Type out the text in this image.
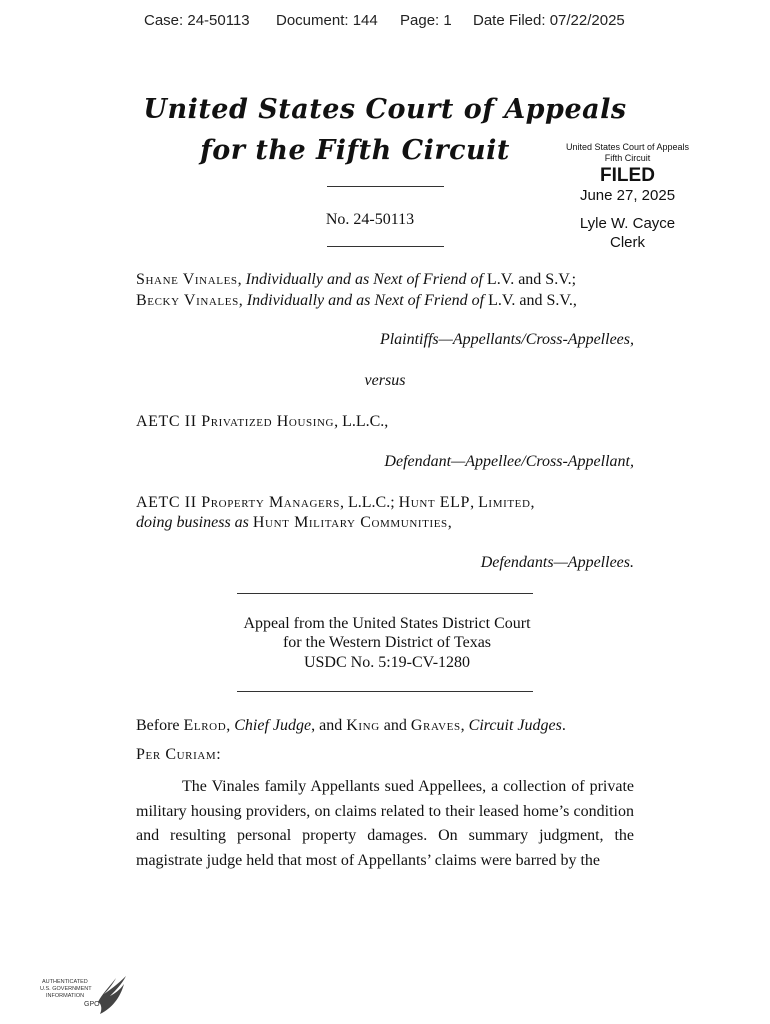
Case: 24-50113 Document: 144 Page: 1 Date Filed: 07/22/2025
United States Court of Appeals
for the Fifth Circuit
No. 24-50113
United States Court of Appeals
Fifth Circuit
FILED
June 27, 2025
Lyle W. Cayce
Clerk
Shane Vinales, Individually and as Next of Friend of L.V. and S.V.;
Becky Vinales, Individually and as Next of Friend of L.V. and S.V.,
Plaintiffs—Appellants/Cross-Appellees,
versus
AETC II Privatized Housing, L.L.C.,
Defendant—Appellee/Cross-Appellant,
AETC II Property Managers, L.L.C.; Hunt ELP, Limited,
doing business as Hunt Military Communities,
Defendants—Appellees.
Appeal from the United States District Court
for the Western District of Texas
USDC No. 5:19-CV-1280
Before Elrod, Chief Judge, and King and Graves, Circuit Judges.
Per Curiam:
The Vinales family Appellants sued Appellees, a collection of private military housing providers, on claims related to their leased home’s condition and resulting personal property damages. On summary judgment, the magistrate judge held that most of Appellants’ claims were barred by the
AUTHENTICATED
U.S. GOVERNMENT
INFORMATION
GPO
